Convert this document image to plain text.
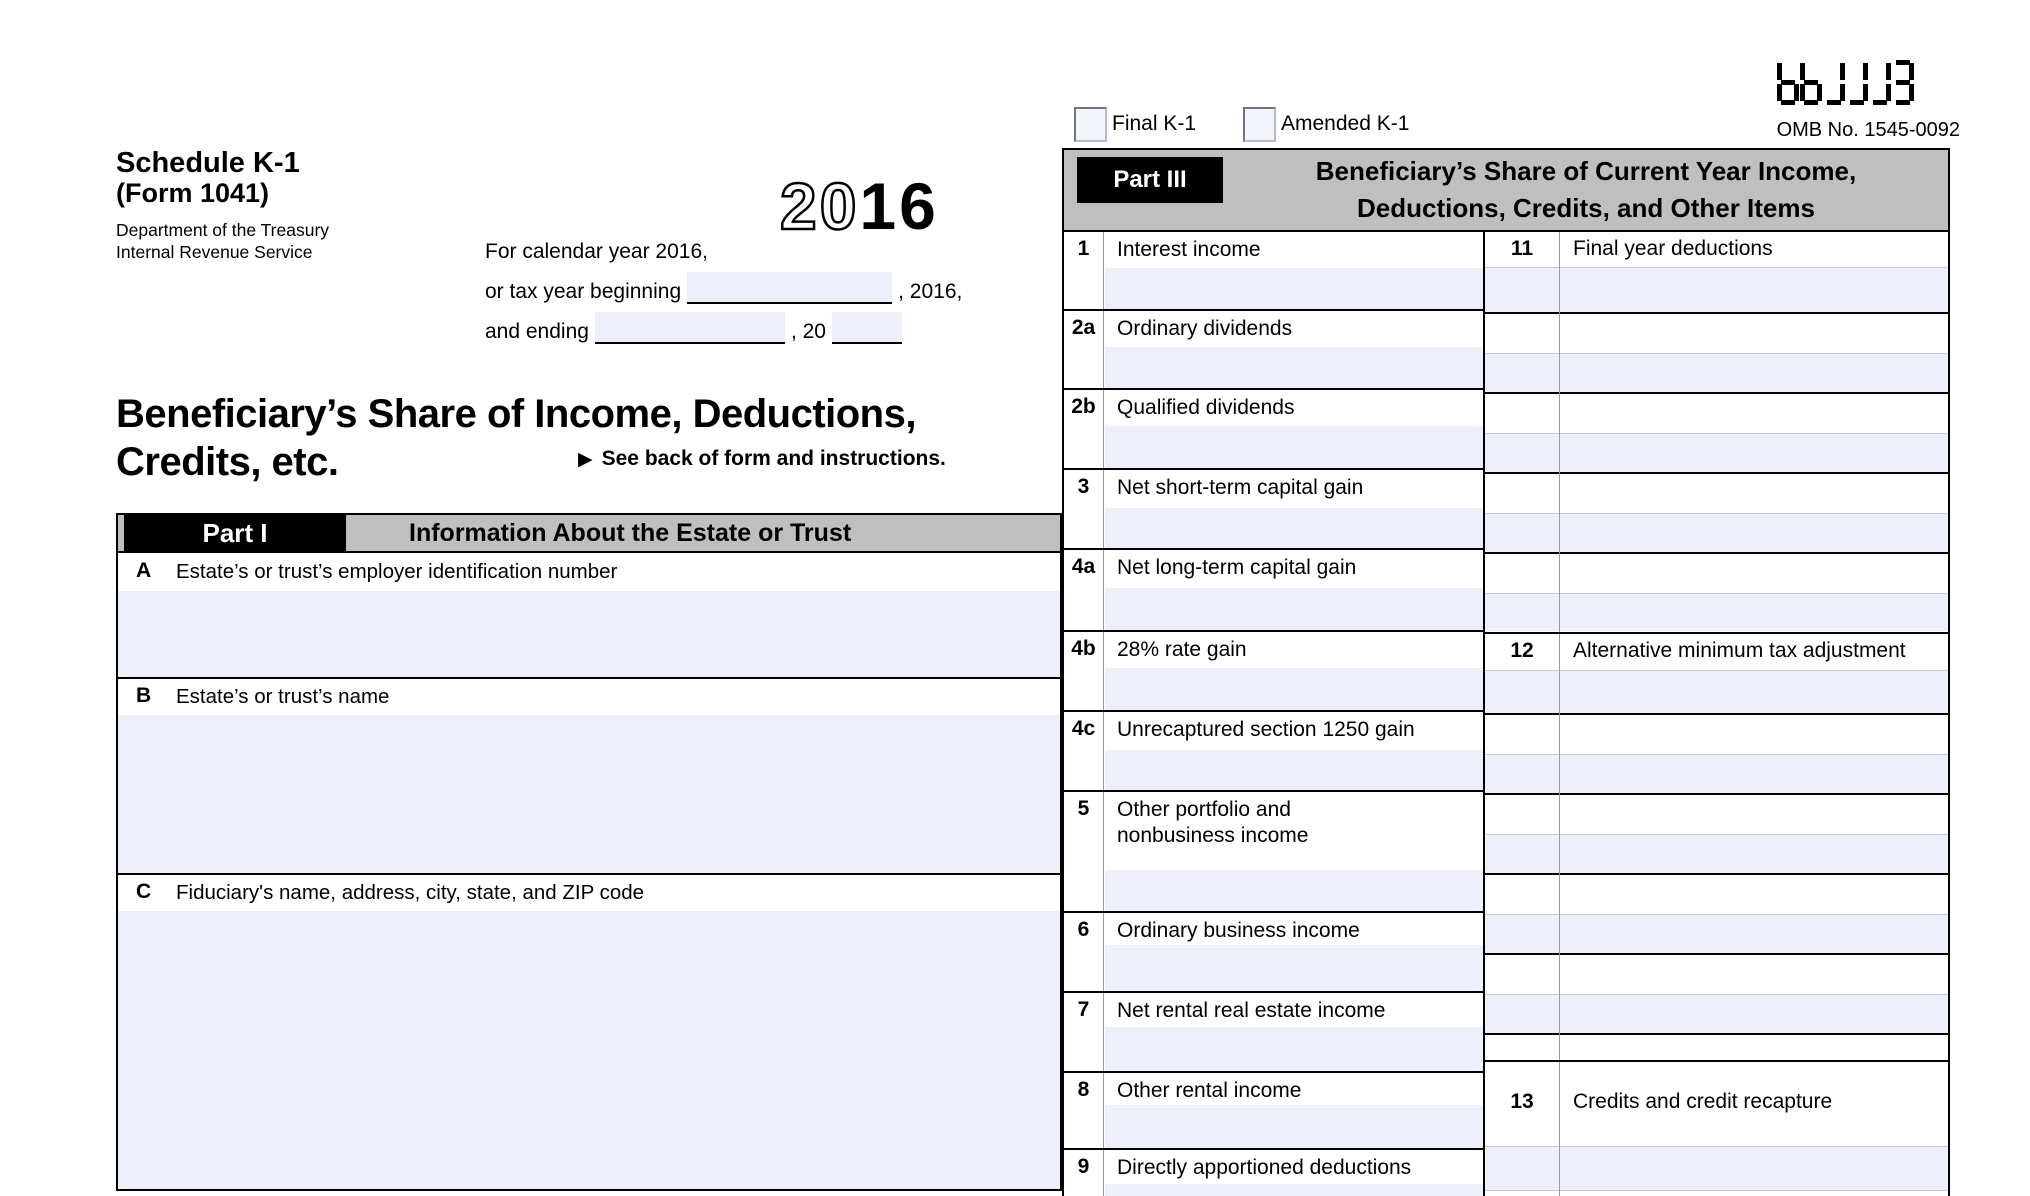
OMB No. 1545-0092
Final K-1	Amended K-1
Schedule K-1
(Form 1041)
Department of the Treasury
Internal Revenue Service
2016
For calendar year 2016,
or tax year beginning	, 2016,
and ending	, 20
Beneficiary’s Share of Income, Deductions,
Credits, etc.	▶ See back of form and instructions.
Part I	Information About the Estate or Trust
A Estate’s or trust’s employer identification number
B Estate’s or trust’s name
C Fiduciary's name, address, city, state, and ZIP code
Part III	Beneficiary’s Share of Current Year Income,
Deductions, Credits, and Other Items
1	Interest income
2a	Ordinary dividends
2b	Qualified dividends
3	Net short-term capital gain
4a	Net long-term capital gain
4b	28% rate gain
4c	Unrecaptured section 1250 gain
5	Other portfolio and nonbusiness income
6	Ordinary business income
7	Net rental real estate income
8	Other rental income
9	Directly apportioned deductions
11 Final year deductions
12 Alternative minimum tax adjustment
13 Credits and credit recapture
